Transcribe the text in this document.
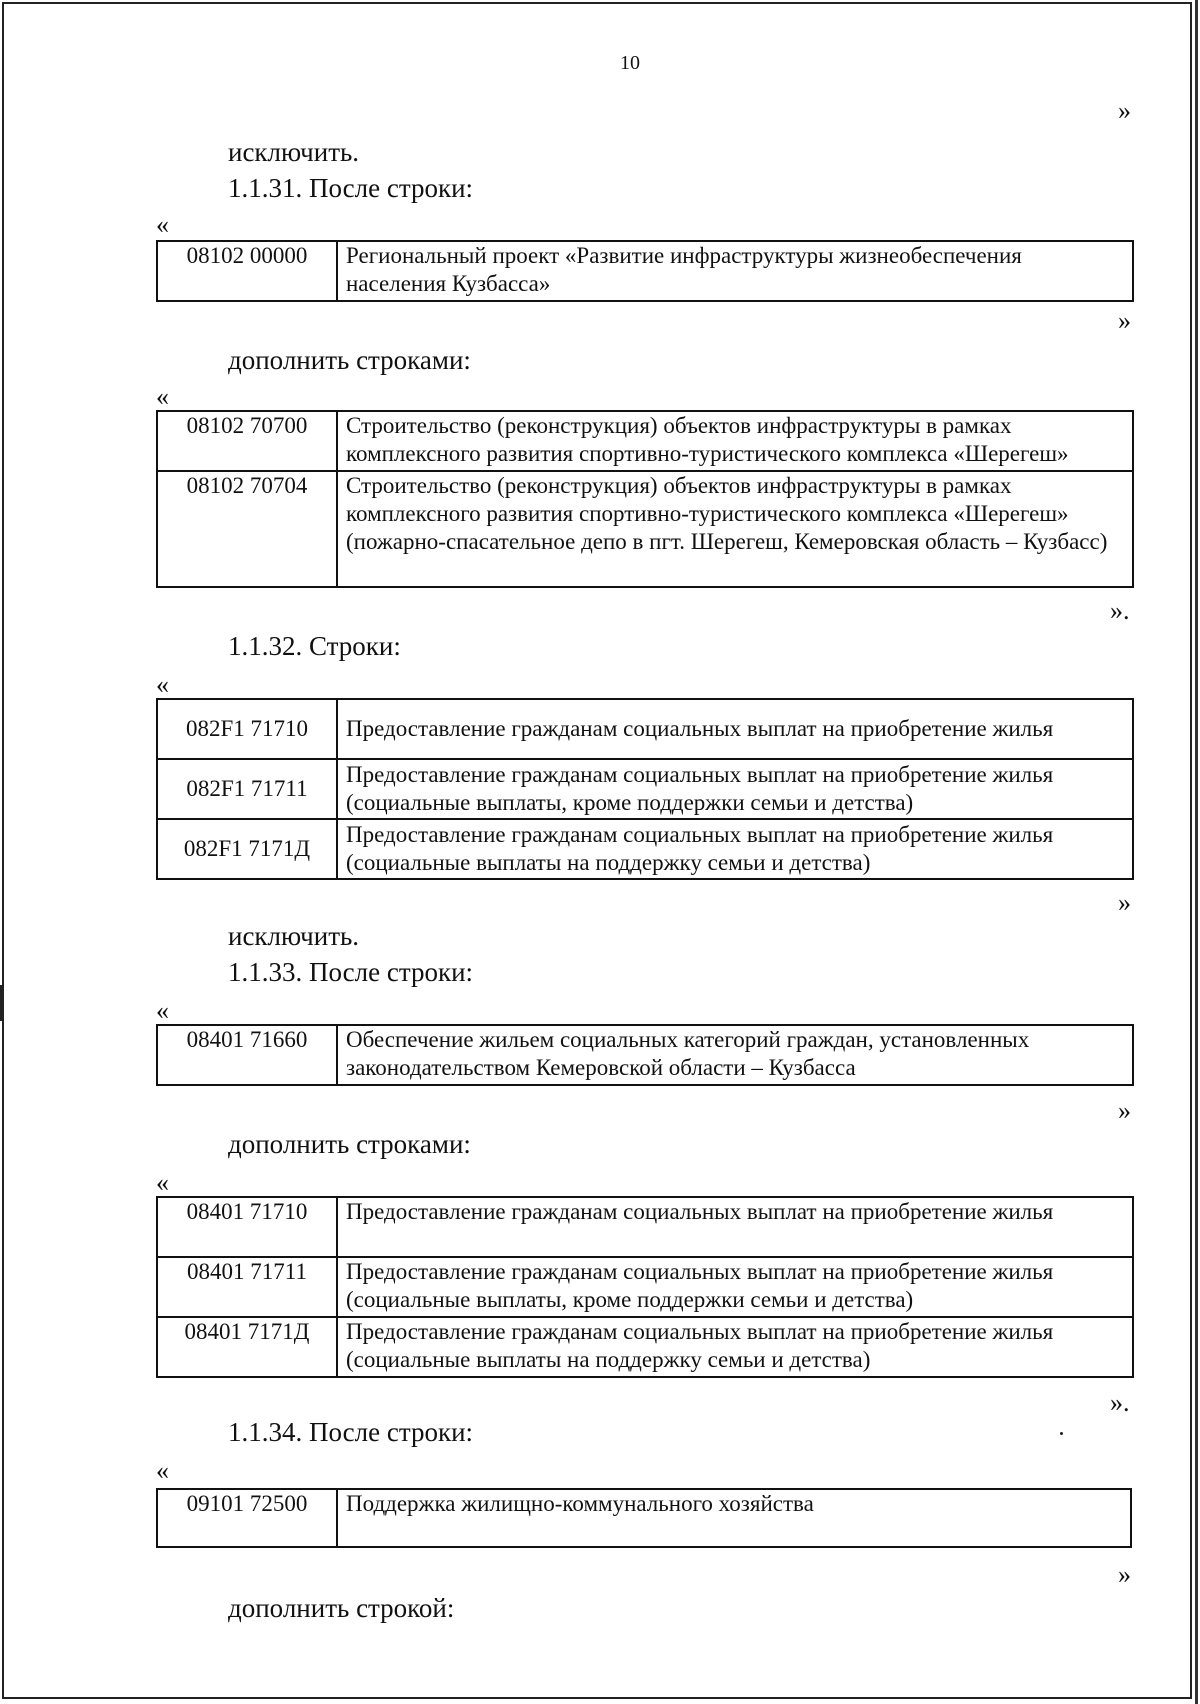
10
»
исключить.
1.1.31. После строки:
«
08102 00000	Региональный проект «Развитие инфраструктуры жизнеобеспечения населения Кузбасса»
»
дополнить строками:
«
08102 70700	Строительство (реконструкция) объектов инфраструктуры в рамках комплексного развития спортивно-туристического комплекса «Шерегеш»
08102 70704	Строительство (реконструкция) объектов инфраструктуры в рамках комплексного развития спортивно-туристического комплекса «Шерегеш» (пожарно-спасательное депо в пгт. Шерегеш, Кемеровская область – Кузбасс)
».
1.1.32. Строки:
«
082F1 71710	Предоставление гражданам социальных выплат на приобретение жилья
082F1 71711	Предоставление гражданам социальных выплат на приобретение жилья (социальные выплаты, кроме поддержки семьи и детства)
082F1 7171Д	Предоставление гражданам социальных выплат на приобретение жилья (социальные выплаты на поддержку семьи и детства)
»
исключить.
1.1.33. После строки:
«
08401 71660	Обеспечение жильем социальных категорий граждан, установленных законодательством Кемеровской области – Кузбасса
»
дополнить строками:
«
08401 71710	Предоставление гражданам социальных выплат на приобретение жилья
08401 71711	Предоставление гражданам социальных выплат на приобретение жилья (социальные выплаты, кроме поддержки семьи и детства)
08401 7171Д	Предоставление гражданам социальных выплат на приобретение жилья (социальные выплаты на поддержку семьи и детства)
».
1.1.34. После строки:
«
09101 72500	Поддержка жилищно-коммунального хозяйства
»
дополнить строкой:
